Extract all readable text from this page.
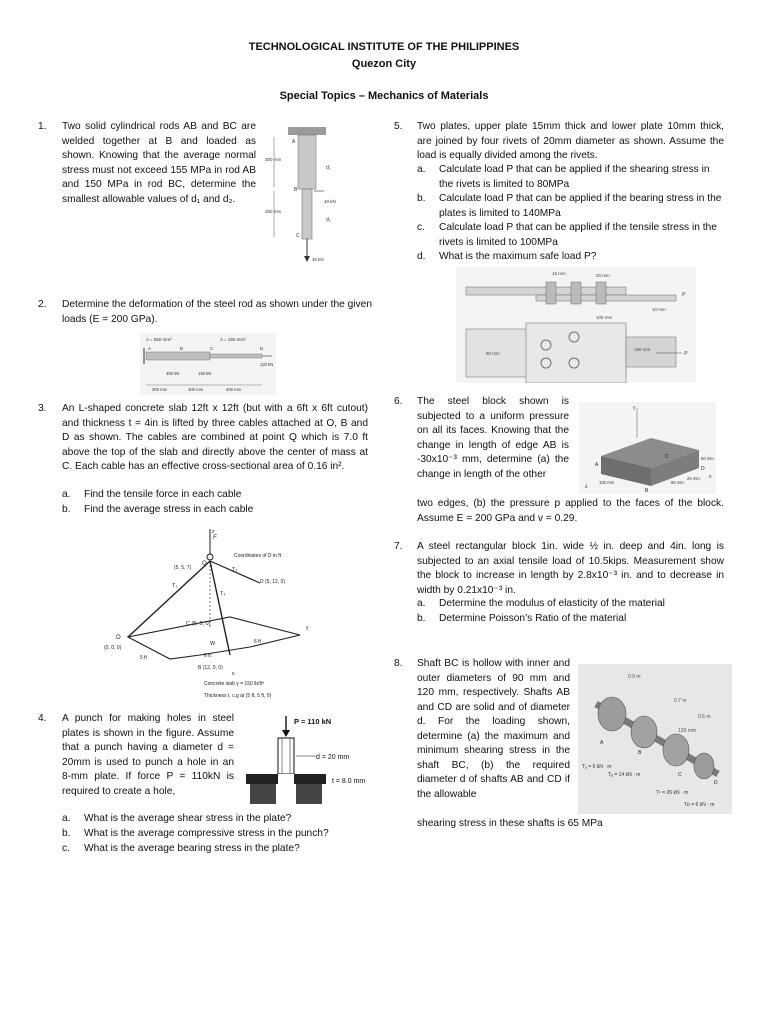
TECHNOLOGICAL INSTITUTE OF THE PHILIPPINES
Quezon City
Special Topics – Mechanics of Materials
1.	Two solid cylindrical rods AB and BC are welded together at B and loaded as shown. Knowing that the average normal stress must not exceed 155 MPa in rod AB and 150 MPa in rod BC, determine the smallest allowable values of d₁ and d₂.
300 mm
250 mm
d₁
d₂
40 kN
30 kN
A
B
C
2.	Determine the deformation of the steel rod as shown under the given loads (E = 200 GPa).
A = 550 mm²	A = 190 mm²
A	B	C	D
120 kN
300 kN	150 kN
300 mm	300 mm	400 mm
3.	An L-shaped concrete slab 12ft x 12ft (but with a 6ft x 6ft cutout) and thickness t = 4in is lifted by three cables attached at O, B and D as shown. The cables are combined at point Q which is 7.0 ft above the top of the slab and directly above the center of mass at C. Each cable has an effective cross-sectional area of 0.16 in².
a. Find the tensile force in each cable
b. Find the average stress in each cable
F
Q
(5, 5, 7)
Coordinates of D in ft
D (5, 12, 0)
T₁
T₂
T₃
C (5, 5, 0)
W
O
(0, 0, 0)
5 ft	6 ft
6 ft
B (12, 0, 0)
Concrete slab γ = 150 lb/ft³
Thickness t, c.g at (5 ft, 5 ft, 0)
y
x
z
4.	A punch for making holes in steel plates is shown in the figure. Assume that a punch having a diameter d = 20mm is used to punch a hole in an 8-mm plate. If force P = 110kN is required to create a hole,
a. What is the average shear stress in the plate?
b. What is the average compressive stress in the punch?
c. What is the average bearing stress in the plate?
P = 110 kN
d = 20 mm
t = 8.0 mm
5.	Two plates, upper plate 15mm thick and lower plate 10mm thick, are joined by four rivets of 20mm diameter as shown. Assume the load is equally divided among the rivets.
a. Calculate load P that can be applied if the shearing stress in the rivets is limited to 80MPa
b. Calculate load P that can be applied if the bearing stress in the plates is limited to 140MPa
c. Calculate load P that can be applied if the tensile stress in the rivets is limited to 100MPa
d. What is the maximum safe load P?
15 mm	20 mm
P
10 mm
100 mm
80 mm
150 mm
P
6.	The steel block shown is subjected to a uniform pressure on all its faces. Knowing that the change in length of edge AB is -30x10⁻³ mm, determine (a) the change in length of the other
two edges, (b) the pressure p applied to the faces of the block. Assume E = 200 GPa and v = 0.29.
y
C
A
B
D
50 mm
25 mm
100 mm	80 mm
x
z
7.	A steel rectangular block 1in. wide ½ in. deep and 4in. long is subjected to an axial tensile load of 10.5kips. Measurement show the block to increase in length by 2.8x10⁻³ in. and to decrease in width by 0.21x10⁻³ in.
a. Determine the modulus of elasticity of the material
b. Determine Poisson’s Ratio of the material
8.	Shaft BC is hollow with inner and outer diameters of 90 mm and 120 mm, respectively. Shafts AB and CD are solid and of diameter d. For the loading shown, determine (a) the maximum and minimum shearing stress in the shaft BC, (b) the required diameter d of shafts AB and CD if the allowable
shearing stress in these shafts is 65 MPa
0.9 m
0.7 m
0.5 m
120 mm
A
B
C
D
Tₐ = 6 kN · m
Tᵦ = 14 kN · m
Tᶜ = 26 kN · m
Tᴅ = 6 kN · m
